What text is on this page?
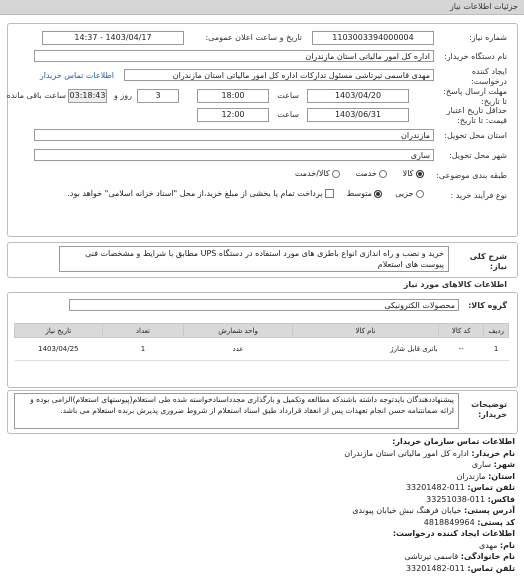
جزئیات اطلاعات نیاز
شماره نیاز:
1103003394000004
تاریخ و ساعت اعلان عمومی:
1403/04/17 - 14:37
نام دستگاه خریدار:
اداره کل امور مالیاتی استان مازندران
ایجاد کننده درخواست:
مهدی قاسمی تیرتاشی مسئول تدارکات اداره کل امور مالیاتی استان مازندران
اطلاعات تماس خریدار
مهلت ارسال پاسخ: تا تاریخ:
1403/04/20
ساعت
18:00
3
روز و
03:18:43
ساعت باقی مانده
حداقل تاریخ اعتبار قیمت: تا تاریخ:
1403/06/31
ساعت
12:00
استان محل تحویل:
مازندران
شهر محل تحویل:
ساری
طبقه بندی موضوعی:
کالا       خدمت       کالا/خدمت
نوع فرآیند خرید :
جزیی      متوسط      پرداخت تمام یا بخشی از مبلغ خرید،از محل "اسناد خزانه اسلامی" خواهد بود.
شرح کلی نیاز:
خرید و نصب و راه اندازی انواع باطری های مورد استفاده در دستگاه UPS مطابق با شرایط و مشخصات فنی پیوست های استعلام
اطلاعات کالاهای مورد نیاز
گروه کالا:
محصولات الکترونیکی
ردیف	کد کالا	نام کالا	واحد شمارش	تعداد	تاریخ نیاز
1	--	باتری قابل شارژ	عدد	1	1403/04/25
توضیحات خریدار:
پیشنهاددهندگان بایدتوجه داشته باشندکه مطالعه وتکمیل و بارگذاری مجدداسنادخواسته شده طی استعلام(پیوستهای استعلام)الزامی بوده و ارائه ضمانتنامه حسن انجام تعهدات پس از انعقاد قرارداد طبق اسناد استعلام از شروط ضروری پذیرش برنده استعلام می باشد.
اطلاعات تماس سازمان خریدار:
نام خریدار: اداره کل امور مالیاتی استان مازندران
شهر: ساری
استان: مازندران
تلفن تماس: 011-33201482
فاکس: 011-33251038
آدرس پستی: خیابان فرهنگ نبش خیابان پیوندی
کد پستی: 4818849964
اطلاعات ایجاد کننده درخواست:
نام: مهدی
نام خانوادگی: قاسمی تیرتاشی
تلفن تماس: 011-33201482
